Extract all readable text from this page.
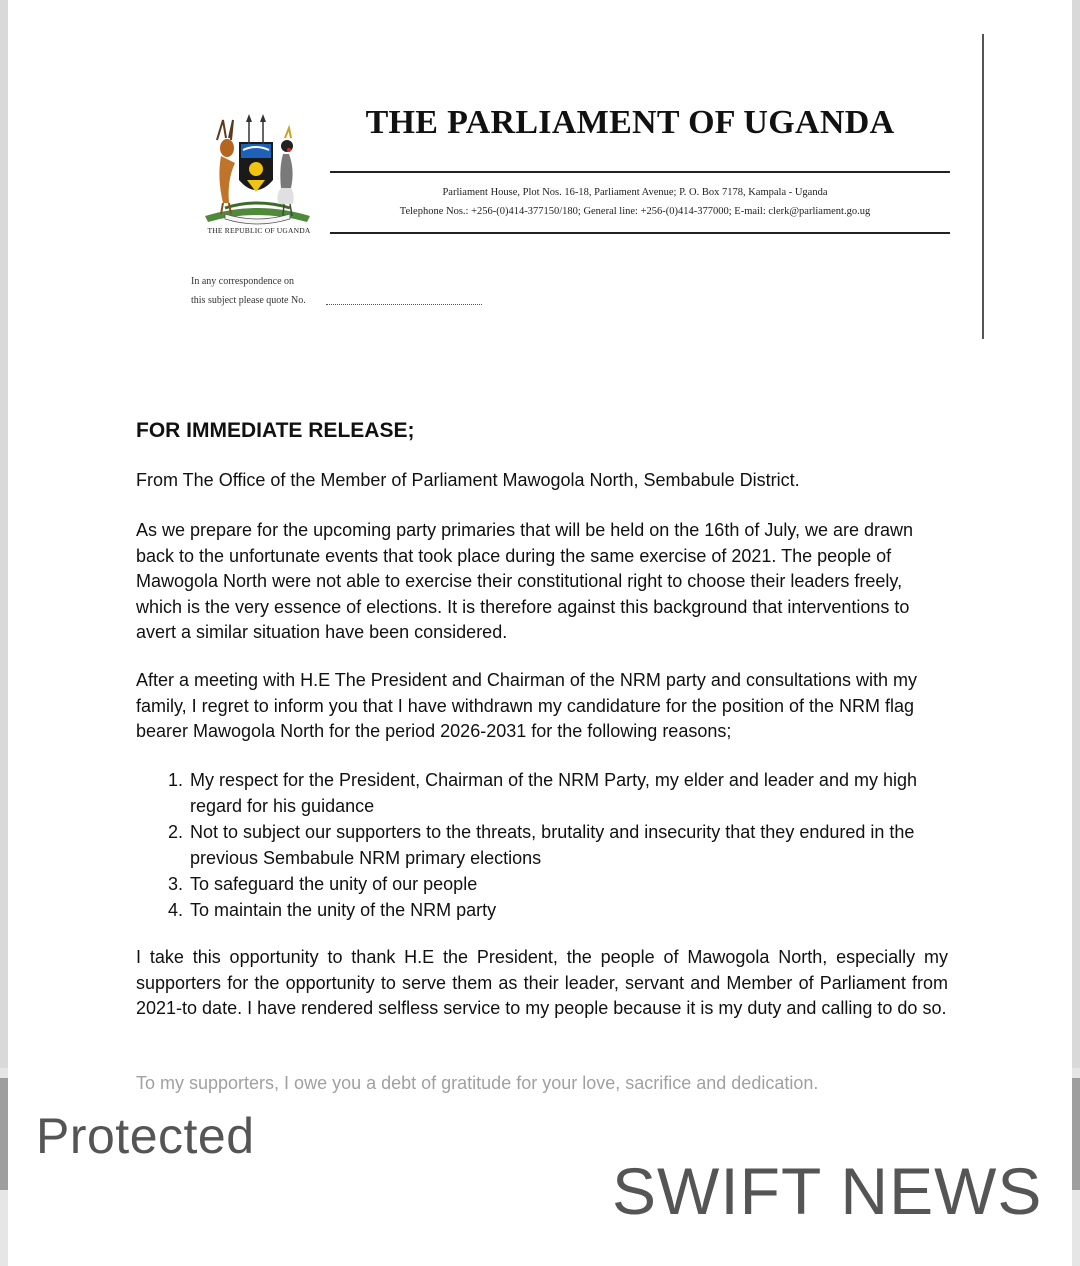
THE REPUBLIC OF UGANDA
THE PARLIAMENT OF UGANDA
Parliament House, Plot Nos. 16-18, Parliament Avenue; P. O. Box 7178, Kampala - Uganda
Telephone Nos.: +256-(0)414-377150/180; General line: +256-(0)414-377000; E-mail: clerk@parliament.go.ug
In any correspondence on
this subject please quote No.
FOR IMMEDIATE RELEASE;
From The Office of the Member of Parliament Mawogola North, Sembabule District.

As we prepare for the upcoming party primaries that will be held on the 16th of July, we are drawn back to the unfortunate events that took place during the same exercise of 2021. The people of Mawogola North were not able to exercise their constitutional right to choose their leaders freely, which is the very essence of elections. It is therefore against this background that interventions to avert a similar situation have been considered.

After a meeting with H.E The President and Chairman of the NRM party and consultations with my family, I regret to inform you that I have withdrawn my candidature for the position of the NRM flag bearer Mawogola North for the period 2026-2031 for the following reasons;

1. My respect for the President, Chairman of the NRM Party, my elder and leader and my high regard for his guidance
2. Not to subject our supporters to the threats, brutality and insecurity that they endured in the previous Sembabule NRM primary elections
3. To safeguard the unity of our people
4. To maintain the unity of the NRM party

I take this opportunity to thank H.E the President, the people of Mawogola North, especially my supporters for the opportunity to serve them as their leader, servant and Member of Parliament from 2021-to date. I have rendered selfless service to my people because it is my duty and calling to do so.

To my supporters, I owe you a debt of gratitude for your love, sacrifice and dedication.

Protected
SWIFT NEWS
